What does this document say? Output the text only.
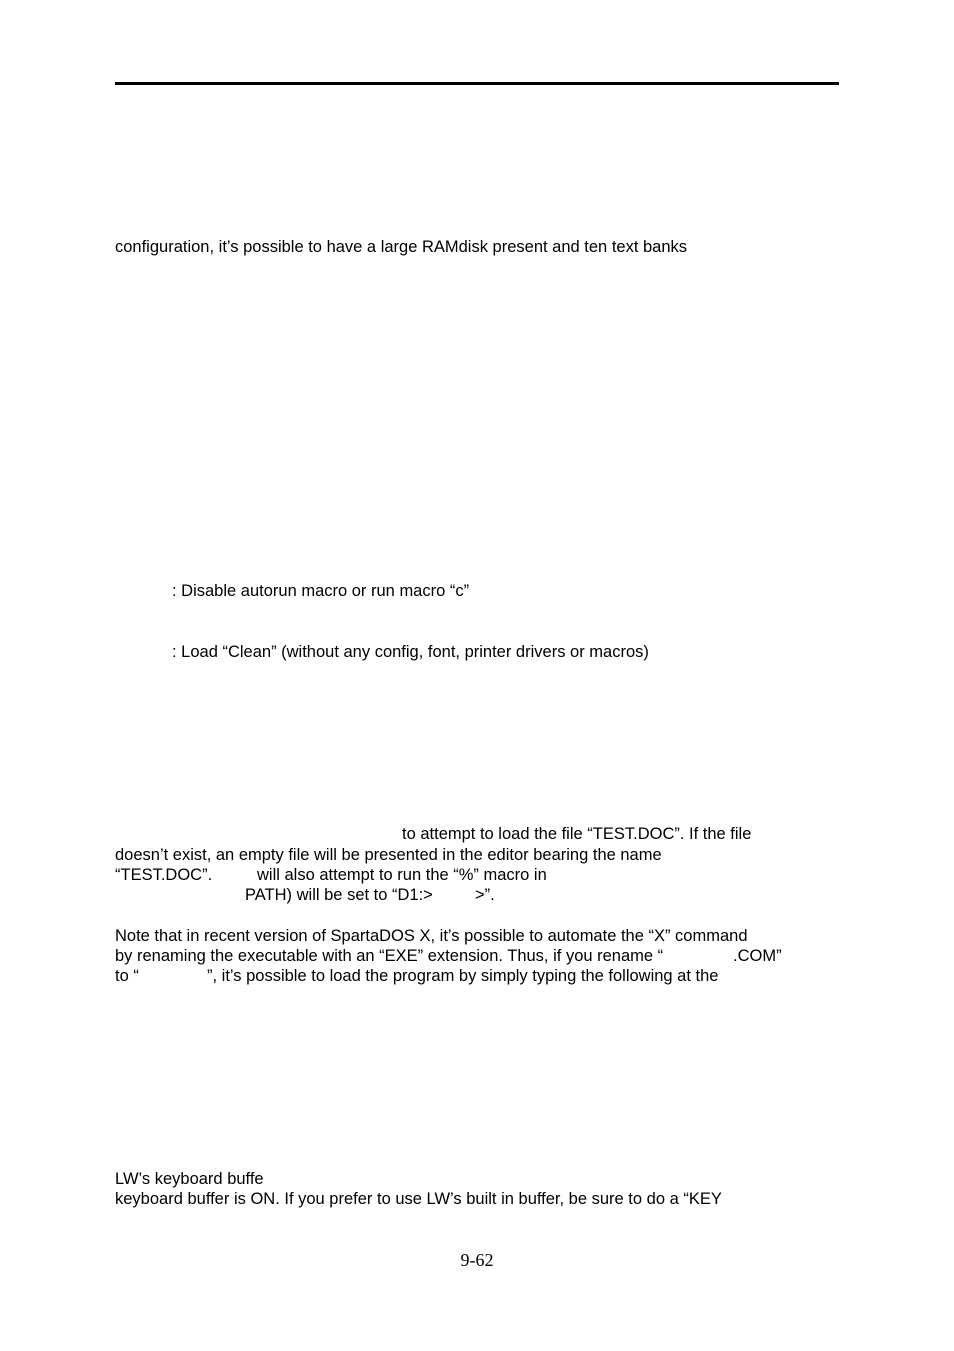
configuration, it’s possible to have a large RAMdisk present and ten text banks

: Disable autorun macro or run macro “c”

: Load “Clean” (without any config, font, printer drivers or macros)

to attempt to load the file “TEST.DOC”. If the file

doesn’t exist, an empty file will be presented in the editor bearing the name

“TEST.DOC”.	will also attempt to run the “%” macro in

PATH) will be set to “D1:>	>”.

Note that in recent version of SpartaDOS X, it’s possible to automate the “X” command

by renaming the executable with an “EXE” extension. Thus, if you rename “	.COM”

to “	”, it’s possible to load the program by simply typing the following at the

LW’s keyboard buffe

keyboard buffer is ON. If you prefer to use LW’s built in buffer, be sure to do a “KEY

9-62
